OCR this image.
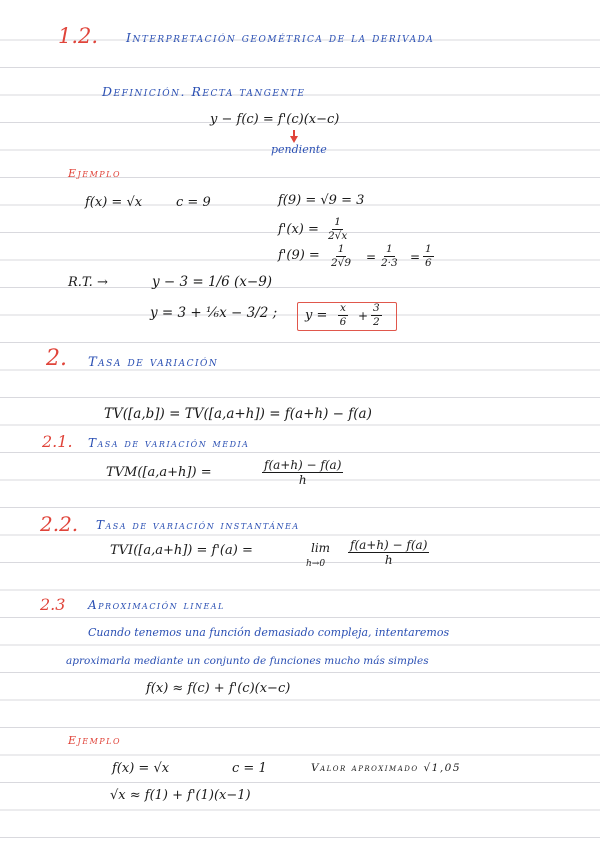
1.2. Interpretación geométrica de la derivada
Definición. Recta tangente
y − f(c) = f'(c)(x−c)
pendiente
Ejemplo
f(x) = √x	c = 9	f(9) = √9 = 3
$f'(x) = \frac{1}{2√x}$
$f'(9) = \frac{1}{2√9} = \frac{1}{2\cdot 3} = \frac{1}{6}$
R.T. →	y − 3 = 1/6 (x−9)
y = 3 + ⅙x − 3/2 ; $y = \frac{x}{6} + \frac{3}{2}$
2. Tasa de variación
TV([a,b]) = TV([a,a+h]) = f(a+h) − f(a)
2.1. Tasa de variación media
TVM([a,a+h]) =	$\frac{f(a+h) - f(a)}{h}$
2.2. Tasa de variación instantánea
TVI([a,a+h]) = f'(a) =	lim
$h\to 0 \frac{f(a+h) - f(a)}{h}$
2.3 Aproximación lineal
Cuando tenemos una función demasiado compleja, intentaremos
aproximarla mediante un conjunto de funciones mucho más simples
f(x) ≈ f(c) + f'(c)(x−c)
Ejemplo
f(x) = √x	c = 1	Valor aproximado √1,05
√x ≈ f(1) + f'(1)(x−1)
